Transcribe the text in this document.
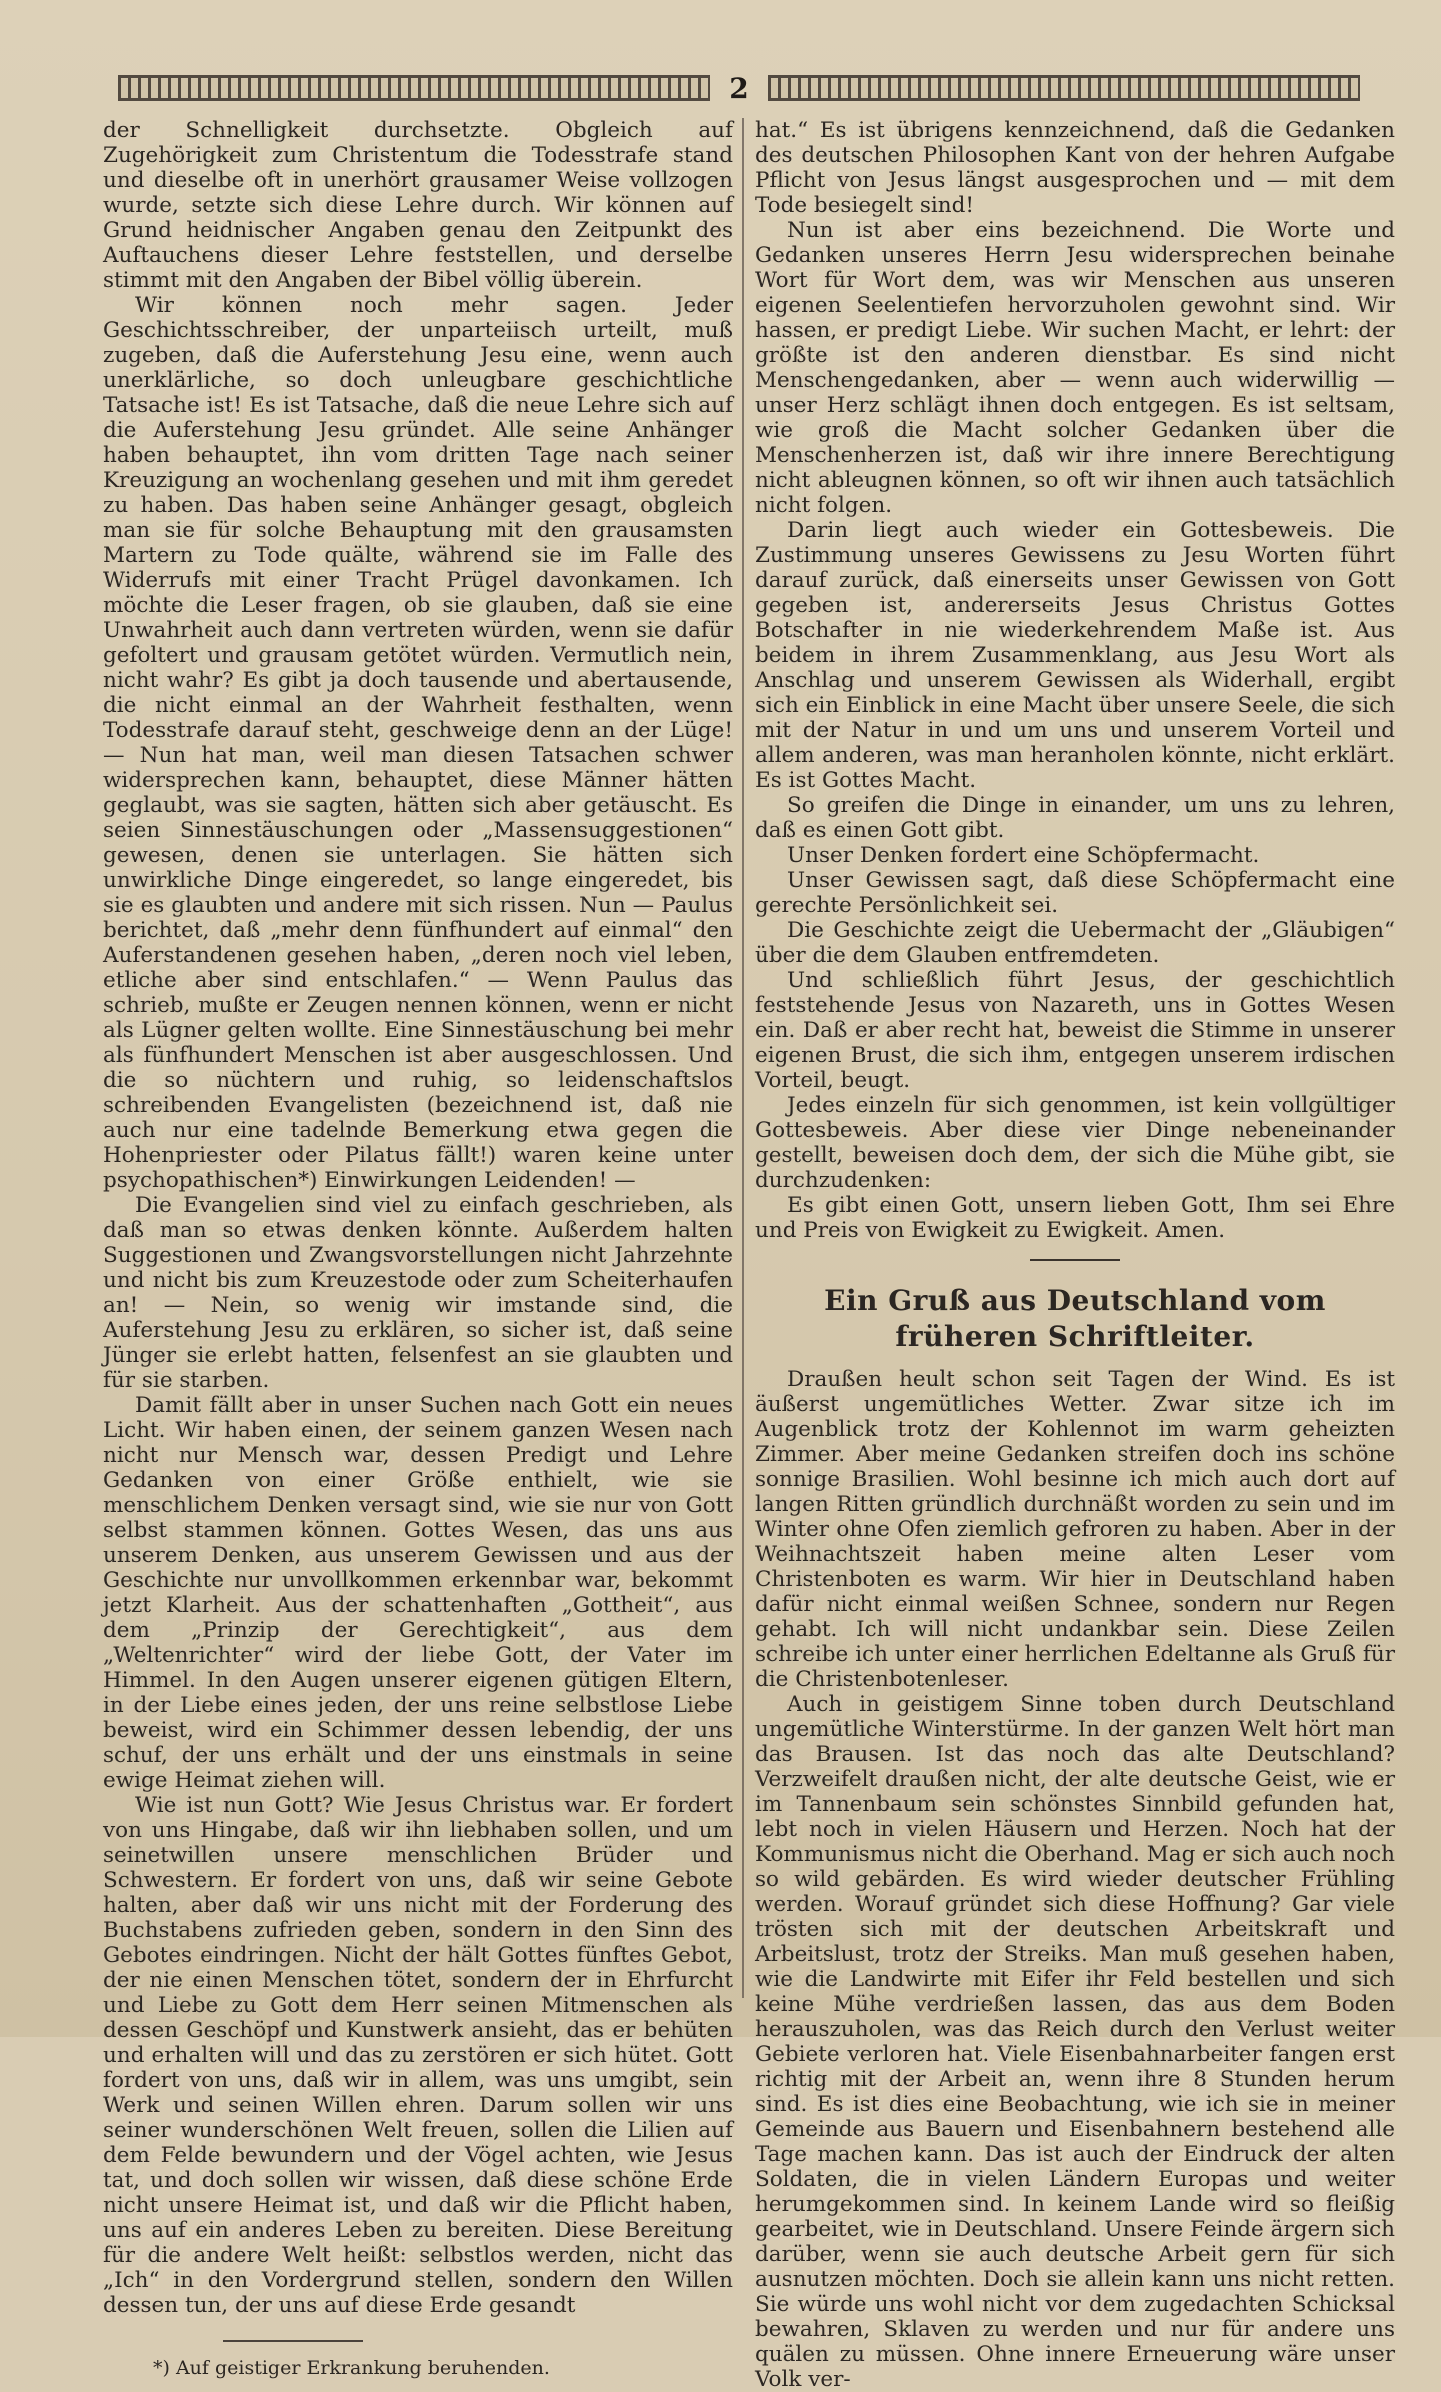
2

der Schnelligkeit durchsetzte. Obgleich auf Zugehörigkeit zum Christentum die Todesstrafe stand und dieselbe oft in unerhört grausamer Weise vollzogen wurde, setzte sich diese Lehre durch. Wir können auf Grund heidnischer Angaben genau den Zeitpunkt des Auftauchens dieser Lehre feststellen, und derselbe stimmt mit den Angaben der Bibel völlig überein.

Wir können noch mehr sagen. Jeder Geschichtsschreiber, der unparteiisch urteilt, muß zugeben, daß die Auferstehung Jesu eine, wenn auch unerklärliche, so doch unleugbare geschichtliche Tatsache ist! Es ist Tatsache, daß die neue Lehre sich auf die Auferstehung Jesu gründet. Alle seine Anhänger haben behauptet, ihn vom dritten Tage nach seiner Kreuzigung an wochenlang gesehen und mit ihm geredet zu haben. Das haben seine Anhänger gesagt, obgleich man sie für solche Behauptung mit den grausamsten Martern zu Tode quälte, während sie im Falle des Widerrufs mit einer Tracht Prügel davonkamen. Ich möchte die Leser fragen, ob sie glauben, daß sie eine Unwahrheit auch dann vertreten würden, wenn sie dafür gefoltert und grausam getötet würden. Vermutlich nein, nicht wahr? Es gibt ja doch tausende und abertausende, die nicht einmal an der Wahrheit festhalten, wenn Todesstrafe darauf steht, geschweige denn an der Lüge! — Nun hat man, weil man diesen Tatsachen schwer widersprechen kann, behauptet, diese Männer hätten geglaubt, was sie sagten, hätten sich aber getäuscht. Es seien Sinnestäuschungen oder „Massensuggestionen“ gewesen, denen sie unterlagen. Sie hätten sich unwirkliche Dinge eingeredet, so lange eingeredet, bis sie es glaubten und andere mit sich rissen. Nun — Paulus berichtet, daß „mehr denn fünfhundert auf einmal“ den Auferstandenen gesehen haben, „deren noch viel leben, etliche aber sind entschlafen.“ — Wenn Paulus das schrieb, mußte er Zeugen nennen können, wenn er nicht als Lügner gelten wollte. Eine Sinnestäuschung bei mehr als fünfhundert Menschen ist aber ausgeschlossen. Und die so nüchtern und ruhig, so leidenschaftslos schreibenden Evangelisten (bezeichnend ist, daß nie auch nur eine tadelnde Bemerkung etwa gegen die Hohenpriester oder Pilatus fällt!) waren keine unter psychopathischen*) Einwirkungen Leidenden! —

Die Evangelien sind viel zu einfach geschrieben, als daß man so etwas denken könnte. Außerdem halten Suggestionen und Zwangsvorstellungen nicht Jahrzehnte und nicht bis zum Kreuzestode oder zum Scheiterhaufen an! — Nein, so wenig wir imstande sind, die Auferstehung Jesu zu erklären, so sicher ist, daß seine Jünger sie erlebt hatten, felsenfest an sie glaubten und für sie starben.

Damit fällt aber in unser Suchen nach Gott ein neues Licht. Wir haben einen, der seinem ganzen Wesen nach nicht nur Mensch war, dessen Predigt und Lehre Gedanken von einer Größe enthielt, wie sie menschlichem Denken versagt sind, wie sie nur von Gott selbst stammen können. Gottes Wesen, das uns aus unserem Denken, aus unserem Gewissen und aus der Geschichte nur unvollkommen erkennbar war, bekommt jetzt Klarheit. Aus der schattenhaften „Gottheit“, aus dem „Prinzip der Gerechtigkeit“, aus dem „Weltenrichter“ wird der liebe Gott, der Vater im Himmel. In den Augen unserer eigenen gütigen Eltern, in der Liebe eines jeden, der uns reine selbstlose Liebe beweist, wird ein Schimmer dessen lebendig, der uns schuf, der uns erhält und der uns einstmals in seine ewige Heimat ziehen will.

Wie ist nun Gott? Wie Jesus Christus war. Er fordert von uns Hingabe, daß wir ihn liebhaben sollen, und um seinetwillen unsere menschlichen Brüder und Schwestern. Er fordert von uns, daß wir seine Gebote halten, aber daß wir uns nicht mit der Forderung des Buchstabens zufrieden geben, sondern in den Sinn des Gebotes eindringen. Nicht der hält Gottes fünftes Gebot, der nie einen Menschen tötet, sondern der in Ehrfurcht und Liebe zu Gott dem Herr seinen Mitmenschen als dessen Geschöpf und Kunstwerk ansieht, das er behüten und erhalten will und das zu zerstören er sich hütet. Gott fordert von uns, daß wir in allem, was uns umgibt, sein Werk und seinen Willen ehren. Darum sollen wir uns seiner wunderschönen Welt freuen, sollen die Lilien auf dem Felde bewundern und der Vögel achten, wie Jesus tat, und doch sollen wir wissen, daß diese schöne Erde nicht unsere Heimat ist, und daß wir die Pflicht haben, uns auf ein anderes Leben zu bereiten. Diese Bereitung für die andere Welt heißt: selbstlos werden, nicht das „Ich“ in den Vordergrund stellen, sondern den Willen dessen tun, der uns auf diese Erde gesandt

*) Auf geistiger Erkrankung beruhenden.

hat.“ Es ist übrigens kennzeichnend, daß die Gedanken des deutschen Philosophen Kant von der hehren Aufgabe Pflicht von Jesus längst ausgesprochen und — mit dem Tode besiegelt sind!

Nun ist aber eins bezeichnend. Die Worte und Gedanken unseres Herrn Jesu widersprechen beinahe Wort für Wort dem, was wir Menschen aus unseren eigenen Seelentiefen hervorzuholen gewohnt sind. Wir hassen, er predigt Liebe. Wir suchen Macht, er lehrt: der größte ist den anderen dienstbar. Es sind nicht Menschengedanken, aber — wenn auch widerwillig — unser Herz schlägt ihnen doch entgegen. Es ist seltsam, wie groß die Macht solcher Gedanken über die Menschenherzen ist, daß wir ihre innere Berechtigung nicht ableugnen können, so oft wir ihnen auch tatsächlich nicht folgen.

Darin liegt auch wieder ein Gottesbeweis. Die Zustimmung unseres Gewissens zu Jesu Worten führt darauf zurück, daß einerseits unser Gewissen von Gott gegeben ist, andererseits Jesus Christus Gottes Botschafter in nie wiederkehrendem Maße ist. Aus beidem in ihrem Zusammenklang, aus Jesu Wort als Anschlag und unserem Gewissen als Widerhall, ergibt sich ein Einblick in eine Macht über unsere Seele, die sich mit der Natur in und um uns und unserem Vorteil und allem anderen, was man heranholen könnte, nicht erklärt. Es ist Gottes Macht.

So greifen die Dinge in einander, um uns zu lehren, daß es einen Gott gibt.

Unser Denken fordert eine Schöpfermacht.

Unser Gewissen sagt, daß diese Schöpfermacht eine gerechte Persönlichkeit sei.

Die Geschichte zeigt die Uebermacht der „Gläubigen“ über die dem Glauben entfremdeten.

Und schließlich führt Jesus, der geschichtlich feststehende Jesus von Nazareth, uns in Gottes Wesen ein. Daß er aber recht hat, beweist die Stimme in unserer eigenen Brust, die sich ihm, entgegen unserem irdischen Vorteil, beugt.

Jedes einzeln für sich genommen, ist kein vollgültiger Gottesbeweis. Aber diese vier Dinge nebeneinander gestellt, beweisen doch dem, der sich die Mühe gibt, sie durchzudenken:

Es gibt einen Gott, unsern lieben Gott, Ihm sei Ehre und Preis von Ewigkeit zu Ewigkeit. Amen.

Ein Gruß aus Deutschland vom früheren Schriftleiter.

Draußen heult schon seit Tagen der Wind. Es ist äußerst ungemütliches Wetter. Zwar sitze ich im Augenblick trotz der Kohlennot im warm geheizten Zimmer. Aber meine Gedanken streifen doch ins schöne sonnige Brasilien. Wohl besinne ich mich auch dort auf langen Ritten gründlich durchnäßt worden zu sein und im Winter ohne Ofen ziemlich gefroren zu haben. Aber in der Weihnachtszeit haben meine alten Leser vom Christenboten es warm. Wir hier in Deutschland haben dafür nicht einmal weißen Schnee, sondern nur Regen gehabt. Ich will nicht undankbar sein. Diese Zeilen schreibe ich unter einer herrlichen Edeltanne als Gruß für die Christenbotenleser.

Auch in geistigem Sinne toben durch Deutschland ungemütliche Winterstürme. In der ganzen Welt hört man das Brausen. Ist das noch das alte Deutschland? Verzweifelt draußen nicht, der alte deutsche Geist, wie er im Tannenbaum sein schönstes Sinnbild gefunden hat, lebt noch in vielen Häusern und Herzen. Noch hat der Kommunismus nicht die Oberhand. Mag er sich auch noch so wild gebärden. Es wird wieder deutscher Frühling werden. Worauf gründet sich diese Hoffnung? Gar viele trösten sich mit der deutschen Arbeitskraft und Arbeitslust, trotz der Streiks. Man muß gesehen haben, wie die Landwirte mit Eifer ihr Feld bestellen und sich keine Mühe verdrießen lassen, das aus dem Boden herauszuholen, was das Reich durch den Verlust weiter Gebiete verloren hat. Viele Eisenbahnarbeiter fangen erst richtig mit der Arbeit an, wenn ihre 8 Stunden herum sind. Es ist dies eine Beobachtung, wie ich sie in meiner Gemeinde aus Bauern und Eisenbahnern bestehend alle Tage machen kann. Das ist auch der Eindruck der alten Soldaten, die in vielen Ländern Europas und weiter herumgekommen sind. In keinem Lande wird so fleißig gearbeitet, wie in Deutschland. Unsere Feinde ärgern sich darüber, wenn sie auch deutsche Arbeit gern für sich ausnutzen möchten. Doch sie allein kann uns nicht retten. Sie würde uns wohl nicht vor dem zugedachten Schicksal bewahren, Sklaven zu werden und nur für andere uns quälen zu müssen. Ohne innere Erneuerung wäre unser Volk ver-
